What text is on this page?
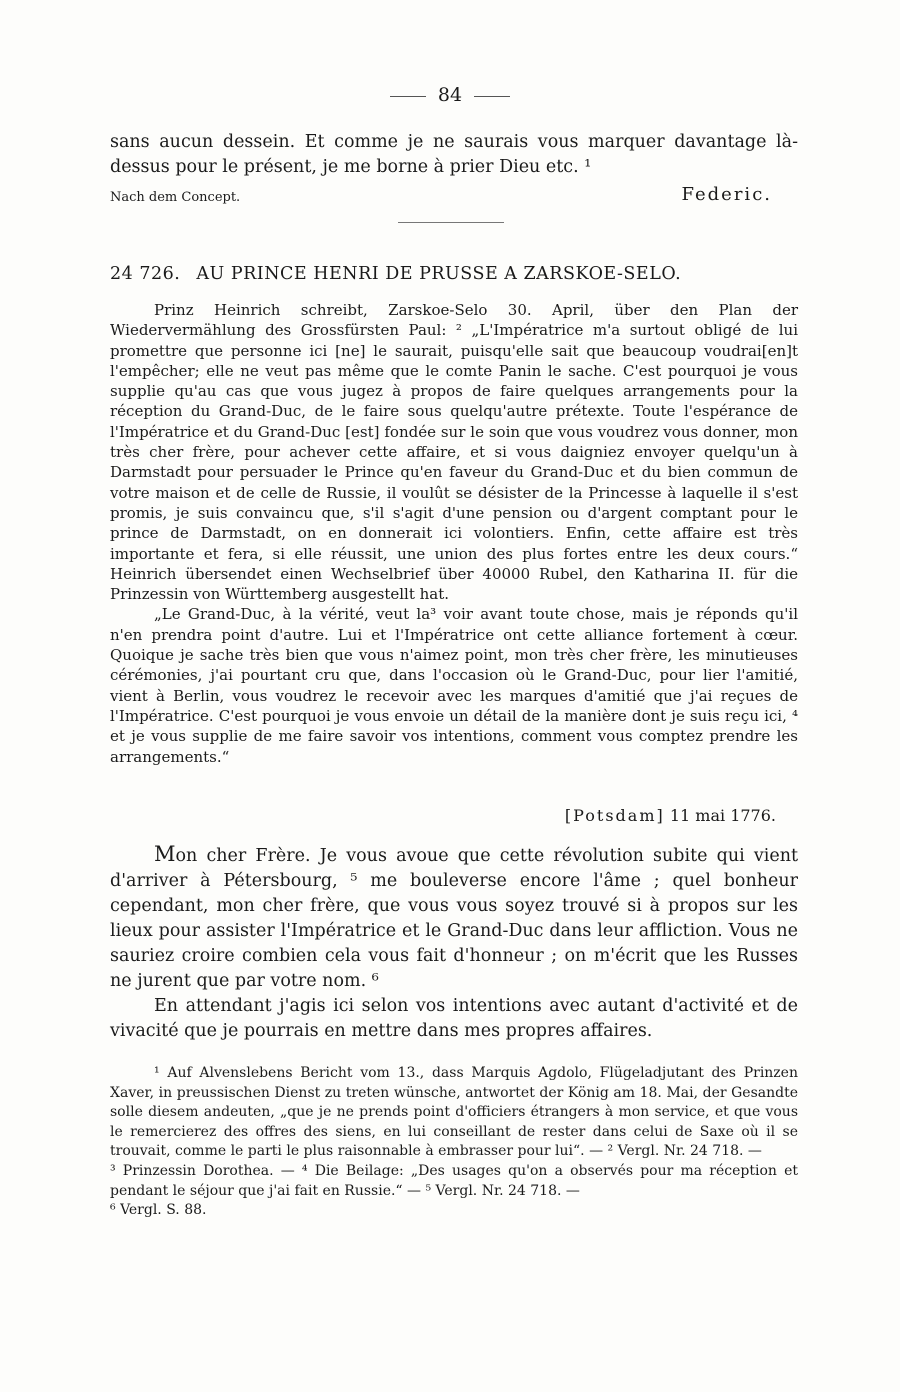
84

sans aucun dessein. Et comme je ne saurais vous marquer davantage là-dessus pour le présent, je me borne à prier Dieu etc. ¹

Nach dem Concept.	Federic.
24 726. AU PRINCE HENRI DE PRUSSE A ZARSKOE-SELO.

Prinz Heinrich schreibt, Zarskoe-Selo 30. April, über den Plan der Wiedervermählung des Grossfürsten Paul: ² „L'Impératrice m'a surtout obligé de lui promettre que personne ici [ne] le saurait, puisqu'elle sait que beaucoup voudrai[en]t l'empêcher; elle ne veut pas même que le comte Panin le sache. C'est pourquoi je vous supplie qu'au cas que vous jugez à propos de faire quelques arrangements pour la réception du Grand-Duc, de le faire sous quelqu'autre prétexte. Toute l'espérance de l'Impératrice et du Grand-Duc [est] fondée sur le soin que vous voudrez vous donner, mon très cher frère, pour achever cette affaire, et si vous daigniez envoyer quelqu'un à Darmstadt pour persuader le Prince qu'en faveur du Grand-Duc et du bien commun de votre maison et de celle de Russie, il voulût se désister de la Princesse à laquelle il s'est promis, je suis convaincu que, s'il s'agit d'une pension ou d'argent comptant pour le prince de Darmstadt, on en donnerait ici volontiers. Enfin, cette affaire est très importante et fera, si elle réussit, une union des plus fortes entre les deux cours.“ Heinrich übersendet einen Wechselbrief über 40000 Rubel, den Katharina II. für die Prinzessin von Württemberg ausgestellt hat.

„Le Grand-Duc, à la vérité, veut la³ voir avant toute chose, mais je réponds qu'il n'en prendra point d'autre. Lui et l'Impératrice ont cette alliance fortement à cœur. Quoique je sache très bien que vous n'aimez point, mon très cher frère, les minutieuses cérémonies, j'ai pourtant cru que, dans l'occasion où le Grand-Duc, pour lier l'amitié, vient à Berlin, vous voudrez le recevoir avec les marques d'amitié que j'ai reçues de l'Impératrice. C'est pourquoi je vous envoie un détail de la manière dont je suis reçu ici, ⁴ et je vous supplie de me faire savoir vos intentions, comment vous comptez prendre les arrangements.“

[Potsdam] 11 mai 1776.

Mon cher Frère. Je vous avoue que cette révolution subite qui vient d'arriver à Pétersbourg, ⁵ me bouleverse encore l'âme ; quel bonheur cependant, mon cher frère, que vous vous soyez trouvé si à propos sur les lieux pour assister l'Impératrice et le Grand-Duc dans leur affliction. Vous ne sauriez croire combien cela vous fait d'honneur ; on m'écrit que les Russes ne jurent que par votre nom. ⁶

En attendant j'agis ici selon vos intentions avec autant d'activité et de vivacité que je pourrais en mettre dans mes propres affaires.

¹ Auf Alvenslebens Bericht vom 13., dass Marquis Agdolo, Flügeladjutant des Prinzen Xaver, in preussischen Dienst zu treten wünsche, antwortet der König am 18. Mai, der Gesandte solle diesem andeuten, „que je ne prends point d'officiers étrangers à mon service, et que vous le remercierez des offres des siens, en lui conseillant de rester dans celui de Saxe où il se trouvait, comme le parti le plus raisonnable à embrasser pour lui“. — ² Vergl. Nr. 24 718. —

³ Prinzessin Dorothea. — ⁴ Die Beilage: „Des usages qu'on a observés pour ma réception et pendant le séjour que j'ai fait en Russie.“ — ⁵ Vergl. Nr. 24 718. —

⁶ Vergl. S. 88.
